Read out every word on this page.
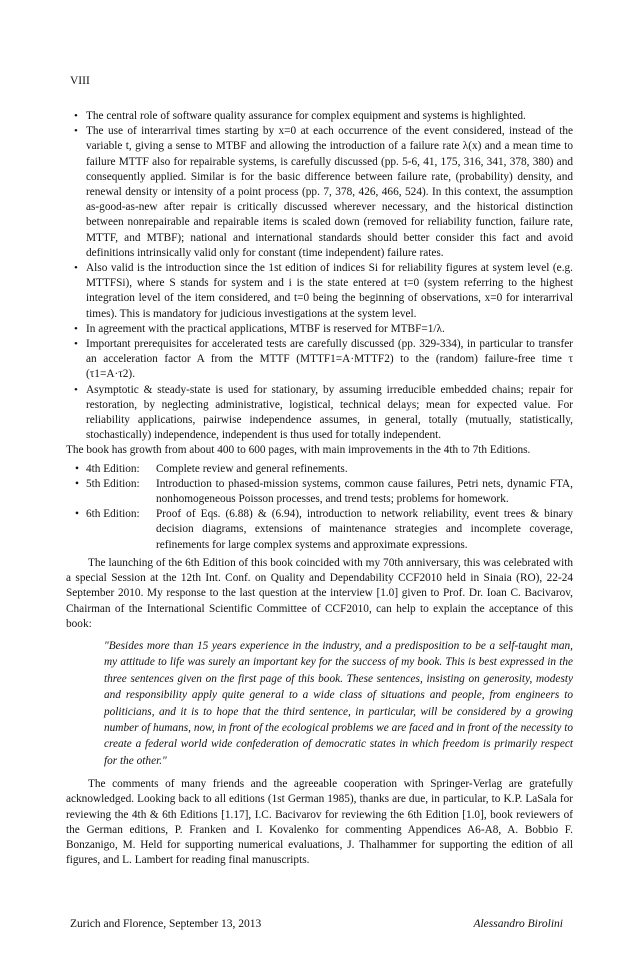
VIII
• The central role of software quality assurance for complex equipment and systems is highlighted.
• The use of interarrival times starting by x=0 at each occurrence of the event considered, instead of the variable t, giving a sense to MTBF and allowing the introduction of a failure rate λ(x) and a mean time to failure MTTF also for repairable systems, is carefully discussed (pp. 5-6, 41, 175, 316, 341, 378, 380) and consequently applied. Similar is for the basic difference between failure rate, (probability) density, and renewal density or intensity of a point process (pp. 7, 378, 426, 466, 524). In this context, the assumption as-good-as-new after repair is critically discussed wherever necessary, and the historical distinction between nonrepairable and repairable items is scaled down (removed for reliability function, failure rate, MTTF, and MTBF); national and international standards should better consider this fact and avoid definitions intrinsically valid only for constant (time independent) failure rates.
• Also valid is the introduction since the 1st edition of indices Si for reliability figures at system level (e.g. MTTFSi), where S stands for system and i is the state entered at t=0 (system referring to the highest integration level of the item considered, and t=0 being the beginning of observations, x=0 for interarrival times). This is mandatory for judicious investigations at the system level.
• In agreement with the practical applications, MTBF is reserved for MTBF=1/λ.
• Important prerequisites for accelerated tests are carefully discussed (pp. 329-334), in particular to transfer an acceleration factor A from the MTTF (MTTF1=A·MTTF2) to the (random) failure-free time τ (τ1=A·τ2).
• Asymptotic & steady-state is used for stationary, by assuming irreducible embedded chains; repair for restoration, by neglecting administrative, logistical, technical delays; mean for expected value. For reliability applications, pairwise independence assumes, in general, totally (mutually, statistically, stochastically) independence, independent is thus used for totally independent.

The book has growth from about 400 to 600 pages, with main improvements in the 4th to 7th Editions.

• 4th Edition:	Complete review and general refinements.
• 5th Edition:	Introduction to phased-mission systems, common cause failures, Petri nets, dynamic FTA, nonhomogeneous Poisson processes, and trend tests; problems for homework.
• 6th Edition:	Proof of Eqs. (6.88) & (6.94), introduction to network reliability, event trees & binary decision diagrams, extensions of maintenance strategies and incomplete coverage, refinements for large complex systems and approximate expressions.

The launching of the 6th Edition of this book coincided with my 70th anniversary, this was celebrated with a special Session at the 12th Int. Conf. on Quality and Dependability CCF2010 held in Sinaia (RO), 22-24 September 2010. My response to the last question at the interview [1.0] given to Prof. Dr. Ioan C. Bacivarov, Chairman of the International Scientific Committee of CCF2010, can help to explain the acceptance of this book:

"Besides more than 15 years experience in the industry, and a predisposition to be a self-taught man, my attitude to life was surely an important key for the success of my book. This is best expressed in the three sentences given on the first page of this book. These sentences, insisting on generosity, modesty and responsibility apply quite general to a wide class of situations and people, from engineers to politicians, and it is to hope that the third sentence, in particular, will be considered by a growing number of humans, now, in front of the ecological problems we are faced and in front of the necessity to create a federal world wide confederation of democratic states in which freedom is primarily respect for the other."

The comments of many friends and the agreeable cooperation with Springer-Verlag are gratefully acknowledged. Looking back to all editions (1st German 1985), thanks are due, in particular, to K.P. LaSala for reviewing the 4th & 6th Editions [1.17], I.C. Bacivarov for reviewing the 6th Edition [1.0], book reviewers of the German editions, P. Franken and I. Kovalenko for commenting Appendices A6-A8, A. Bobbio F. Bonzanigo, M. Held for supporting numerical evaluations, J. Thalhammer for supporting the edition of all figures, and L. Lambert for reading final manuscripts.

Zurich and Florence, September 13, 2013	Alessandro Birolini
